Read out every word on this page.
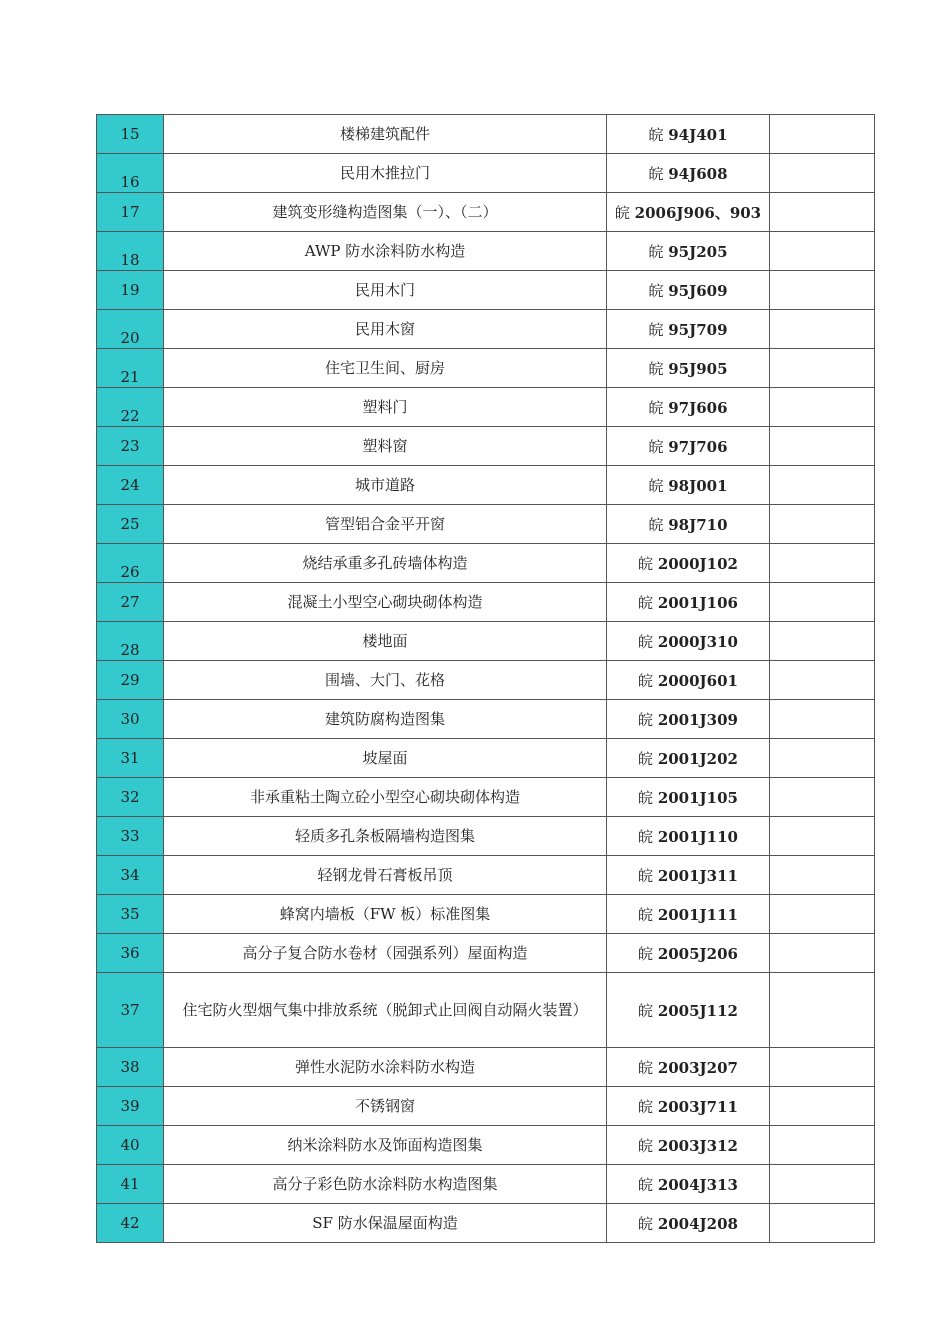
15	楼梯建筑配件	皖 94J401	

16	民用木推拉门	皖 94J608	

17	建筑变形缝构造图集（一）、（二）	皖 2006J906、903	

18	AWP 防水涂料防水构造	皖 95J205	

19	民用木门	皖 95J609	

20	民用木窗	皖 95J709	

21	住宅卫生间、厨房	皖 95J905	

22	塑料门	皖 97J606	

23	塑料窗	皖 97J706	

24	城市道路	皖 98J001	

25	管型铝合金平开窗	皖 98J710	

26	烧结承重多孔砖墙体构造	皖 2000J102	

27	混凝土小型空心砌块砌体构造	皖 2001J106	

28	楼地面	皖 2000J310	

29	围墙、大门、花格	皖 2000J601	

30	建筑防腐构造图集	皖 2001J309	

31	坡屋面	皖 2001J202	

32	非承重粘土陶立砼小型空心砌块砌体构造	皖 2001J105	

33	轻质多孔条板隔墙构造图集	皖 2001J110	

34	轻钢龙骨石膏板吊顶	皖 2001J311	

35	蜂窝内墙板（FW 板）标准图集	皖 2001J111	

36	高分子复合防水卷材（园强系列）屋面构造	皖 2005J206	

37	住宅防火型烟气集中排放系统（脱卸式止回阀自动隔火装置）	皖 2005J112	

38	弹性水泥防水涂料防水构造	皖 2003J207	

39	不锈钢窗	皖 2003J711	

40	纳米涂料防水及饰面构造图集	皖 2003J312	

41	高分子彩色防水涂料防水构造图集	皖 2004J313	

42	SF 防水保温屋面构造	皖 2004J208	
